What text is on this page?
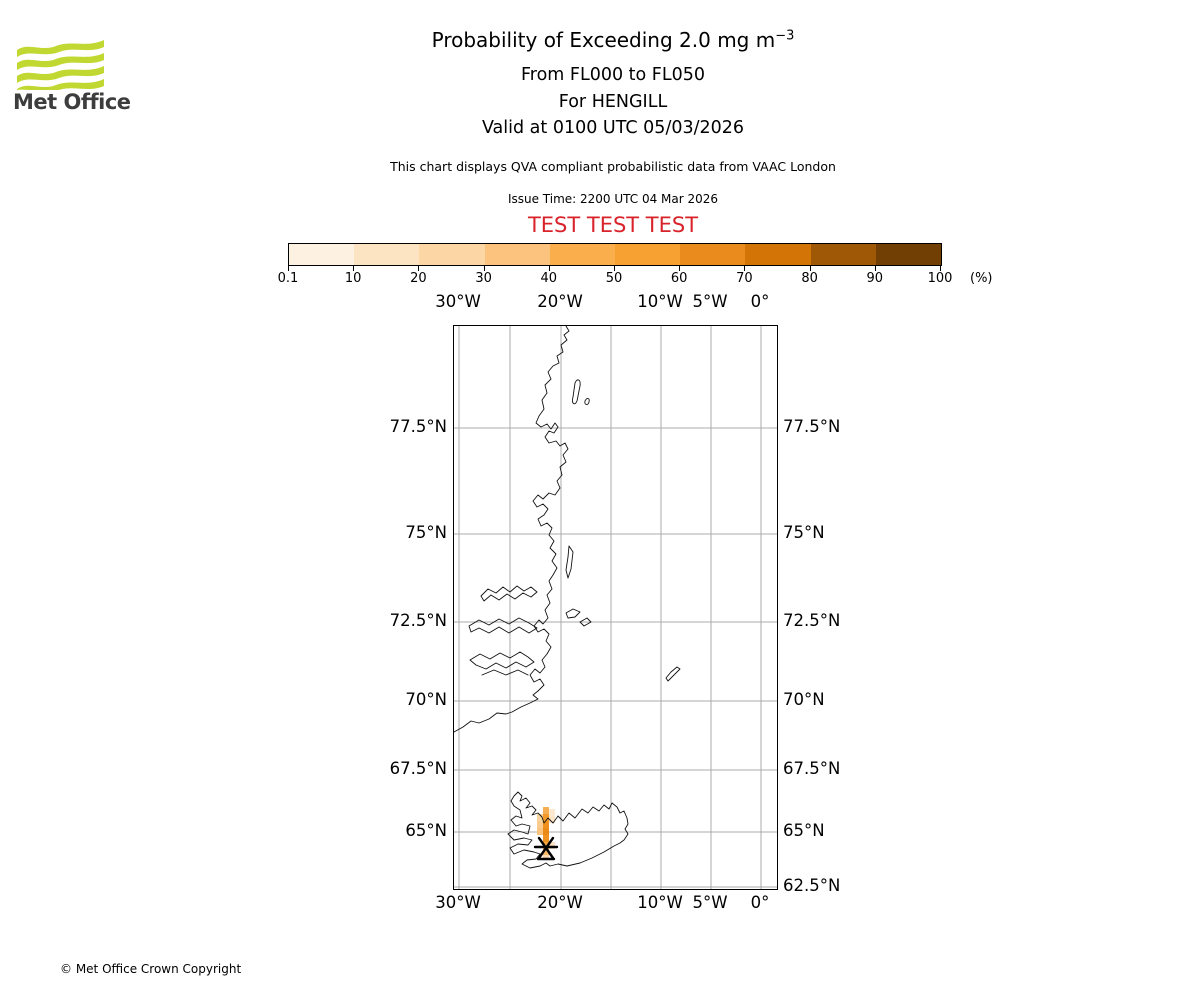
Met Office
Probability of Exceeding 2.0 mg $m^{-3}$
From FL000 to FL050
For HENGILL
Valid at 0100 UTC 05/03/2026
This chart displays QVA compliant probabilistic data from VAAC London
Issue Time: 2200 UTC 04 Mar 2026
TEST TEST TEST
0.1	10	20	30	40	50	60	70	80	90	100 (%)
© Met Office Crown Copyright
30°W
30°W
20°W
20°W
10°W
10°W
5°W
5°W
0°
0°
77.5°N
75°N
72.5°N
70°N
67.5°N
65°N
77.5°N
75°N
72.5°N
70°N
67.5°N
65°N
62.5°N
